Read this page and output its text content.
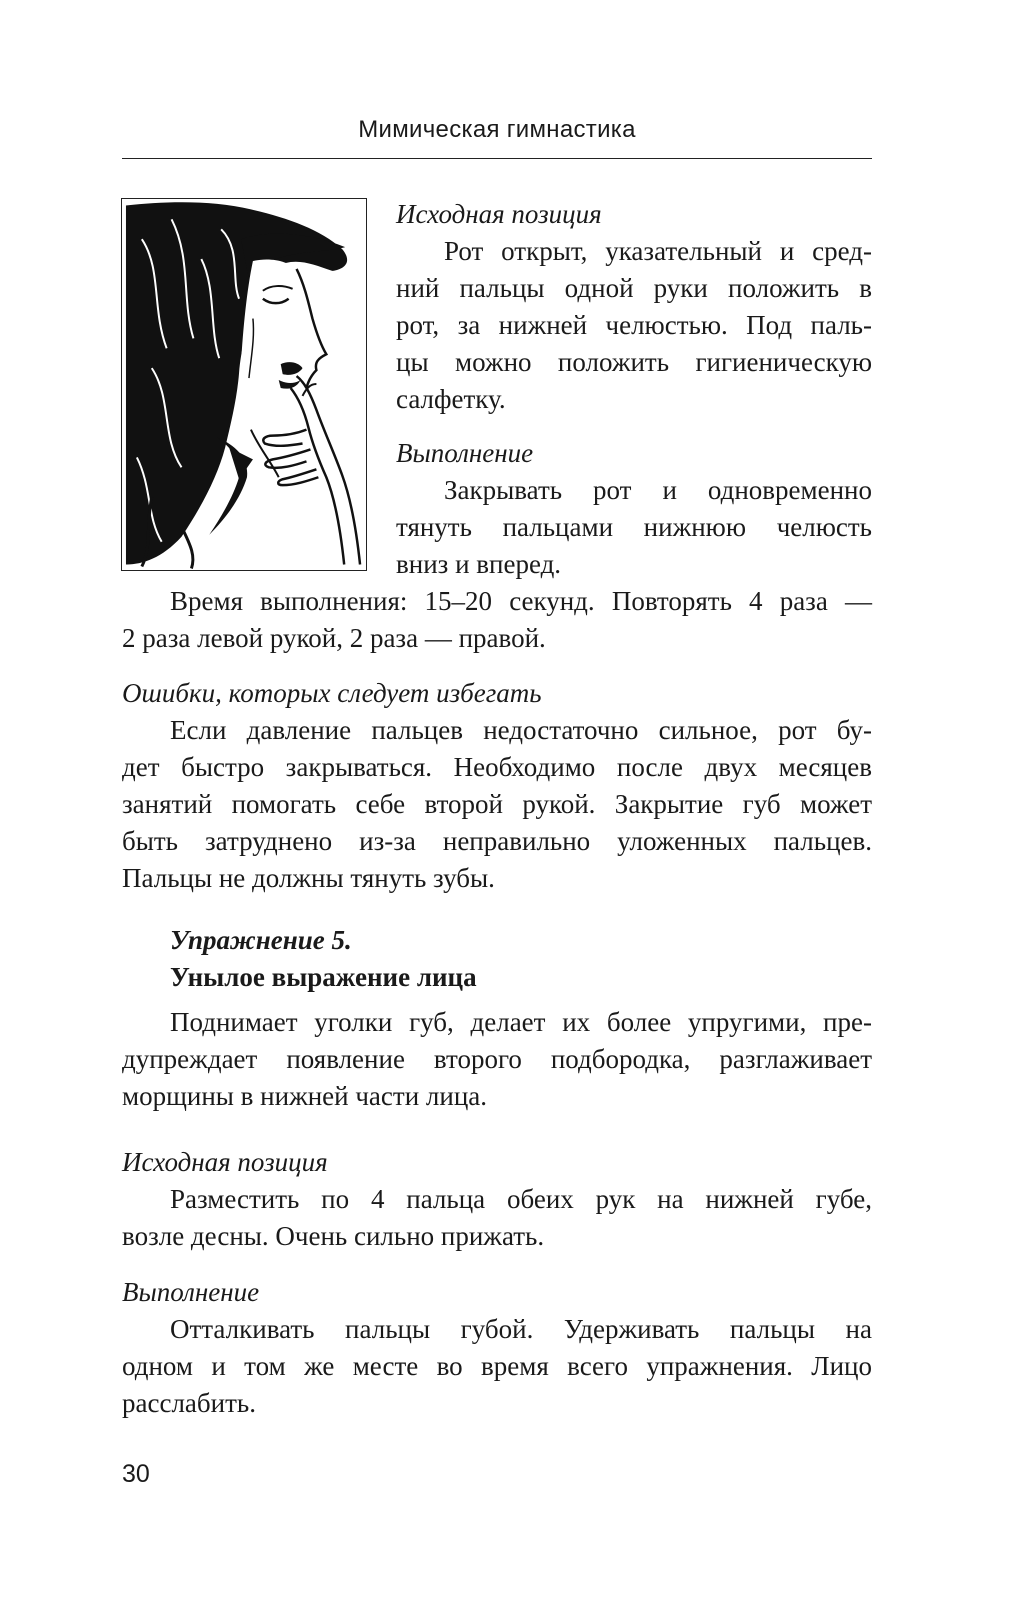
Мимическая гимнастика
Исходная позиция
Рот открыт, указательный и сред-
ний пальцы одной руки положить в
рот, за нижней челюстью. Под паль-
цы можно положить гигиеническую
салфетку.
Выполнение
Закрывать рот и одновременно
тянуть пальцами нижнюю челюсть
вниз и вперед.
Время выполнения: 15–20 секунд. Повторять 4 раза —
2 раза левой рукой, 2 раза — правой.
Ошибки, которых следует избегать
Если давление пальцев недостаточно сильное, рот бу-
дет быстро закрываться. Необходимо после двух месяцев
занятий помогать себе второй рукой. Закрытие губ может
быть затруднено из-за неправильно уложенных пальцев.
Пальцы не должны тянуть зубы.
Упражнение 5.
Унылое выражение лица
Поднимает уголки губ, делает их более упругими, пре-
дупреждает появление второго подбородка, разглаживает
морщины в нижней части лица.
Исходная позиция
Разместить по 4 пальца обеих рук на нижней губе,
возле десны. Очень сильно прижать.
Выполнение
Отталкивать пальцы губой. Удерживать пальцы на
одном и том же месте во время всего упражнения. Лицо
расслабить.
30
